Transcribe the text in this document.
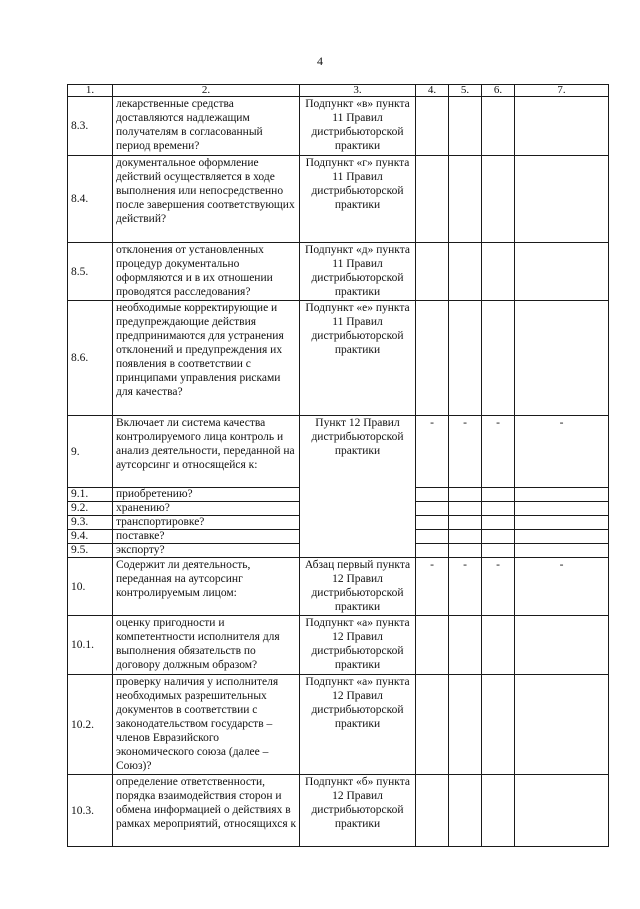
4
1.	2.	3.	4.	5.	6.	7.
8.3.	лекарственные средства доставляются надлежащим получателям в согласованный период времени?	Подпункт «в» пункта 11 Правил дистрибьюторской практики				
8.4.	документальное оформление действий осуществляется в ходе выполнения или непосредственно после завершения соответствующих действий?	Подпункт «г» пункта 11 Правил дистрибьюторской практики				
8.5.	отклонения от установленных процедур документально оформляются и в их отношении проводятся расследования?	Подпункт «д» пункта 11 Правил дистрибьюторской практики				
8.6.	необходимые корректирующие и предупреждающие действия предпринимаются для устранения отклонений и предупреждения их появления в соответствии с принципами управления рисками для качества?	Подпункт «е» пункта 11 Правил дистрибьюторской практики				
9.	Включает ли система качества контролируемого лица контроль и анализ деятельности, переданной на аутсорсинг и относящейся к:	Пункт 12 Правил дистрибьюторской практики	-	-	-	-
9.1.	приобретению?					
9.2.	хранению?					
9.3.	транспортировке?					
9.4.	поставке?					
9.5.	экспорту?					
10.	Содержит ли деятельность, переданная на аутсорсинг контролируемым лицом:	Абзац первый пункта 12 Правил дистрибьюторской практики	-	-	-	-
10.1.	оценку пригодности и компетентности исполнителя для выполнения обязательств по договору должным образом?	Подпункт «а» пункта 12 Правил дистрибьюторской практики				
10.2.	проверку наличия у исполнителя необходимых разрешительных документов в соответствии с законодательством государств – членов Евразийского экономического союза (далее – Союз)?	Подпункт «а» пункта 12 Правил дистрибьюторской практики				
10.3.	определение ответственности, порядка взаимодействия сторон и обмена информацией о действиях в рамках мероприятий, относящихся к	Подпункт «б» пункта 12 Правил дистрибьюторской практики				
